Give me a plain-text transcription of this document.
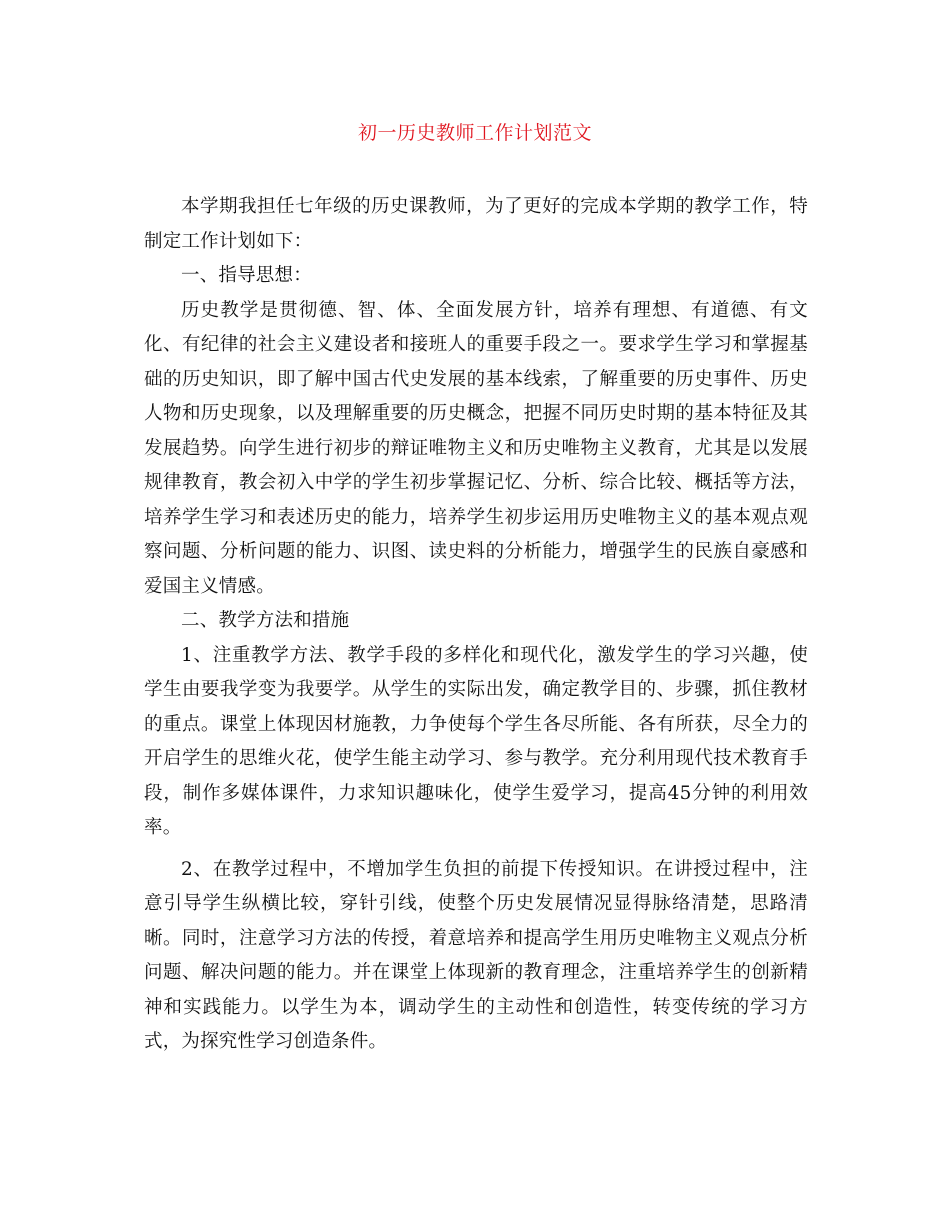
初一历史教师工作计划范文

本学期我担任七年级的历史课教师，为了更好的完成本学期的教学工作，特制定工作计划如下：

一、指导思想：

历史教学是贯彻德、智、体、全面发展方针，培养有理想、有道德、有文化、有纪律的社会主义建设者和接班人的重要手段之一。要求学生学习和掌握基础的历史知识，即了解中国古代史发展的基本线索，了解重要的历史事件、历史人物和历史现象，以及理解重要的历史概念，把握不同历史时期的基本特征及其发展趋势。向学生进行初步的辩证唯物主义和历史唯物主义教育，尤其是以发展规律教育，教会初入中学的学生初步掌握记忆、分析、综合比较、概括等方法，培养学生学习和表述历史的能力，培养学生初步运用历史唯物主义的基本观点观察问题、分析问题的能力、识图、读史料的分析能力，增强学生的民族自豪感和爱国主义情感。

二、教学方法和措施

1、注重教学方法、教学手段的多样化和现代化，激发学生的学习兴趣，使学生由要我学变为我要学。从学生的实际出发，确定教学目的、步骤，抓住教材的重点。课堂上体现因材施教，力争使每个学生各尽所能、各有所获，尽全力的开启学生的思维火花，使学生能主动学习、参与教学。充分利用现代技术教育手段，制作多媒体课件，力求知识趣味化，使学生爱学习，提高45分钟的利用效率。

2、在教学过程中，不增加学生负担的前提下传授知识。在讲授过程中，注意引导学生纵横比较，穿针引线，使整个历史发展情况显得脉络清楚，思路清晰。同时，注意学习方法的传授，着意培养和提高学生用历史唯物主义观点分析问题、解决问题的能力。并在课堂上体现新的教育理念，注重培养学生的创新精神和实践能力。以学生为本，调动学生的主动性和创造性，转变传统的学习方式，为探究性学习创造条件。
